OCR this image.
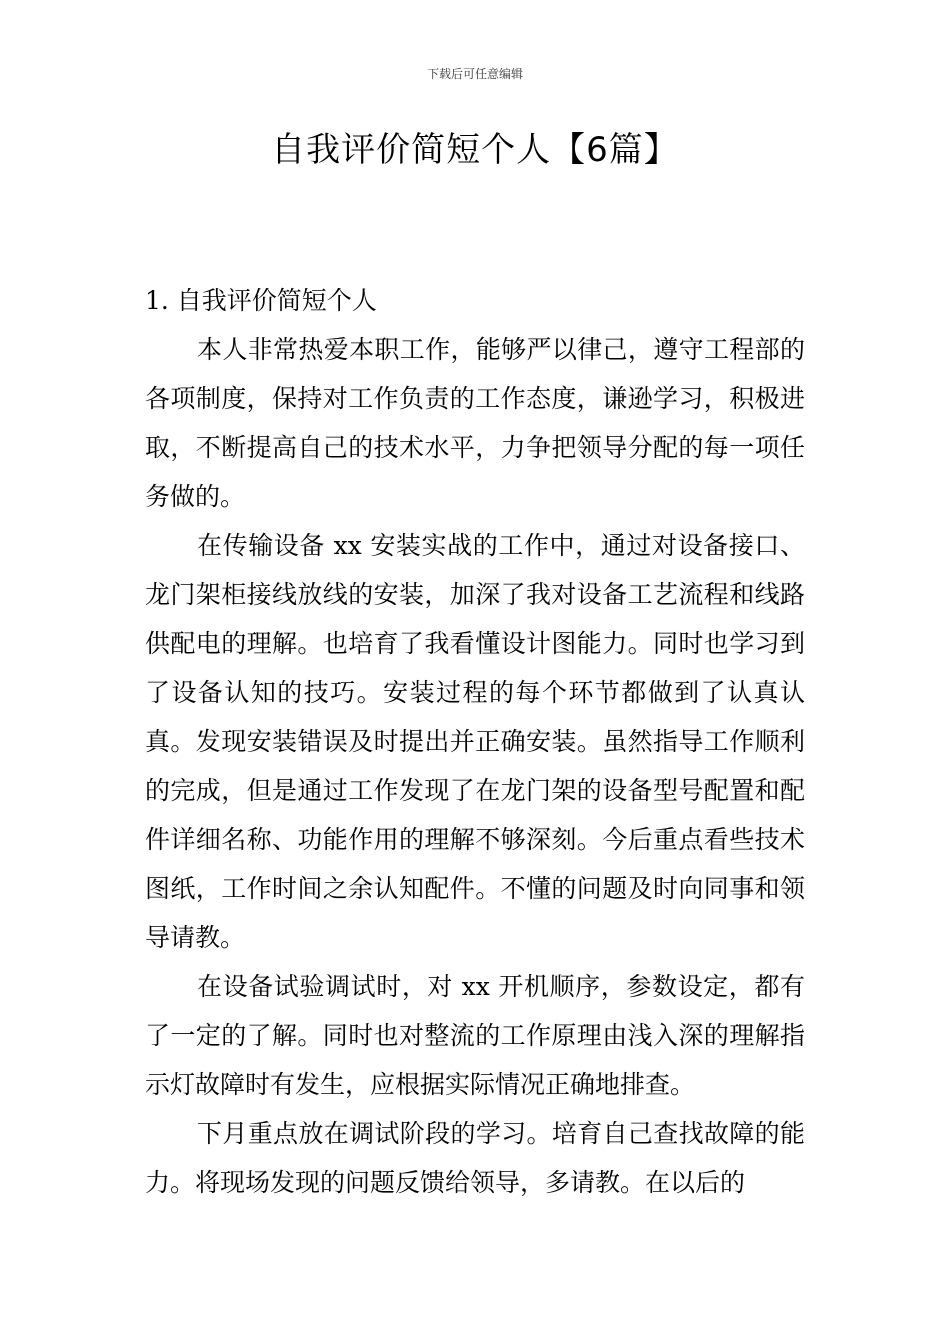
下载后可任意编辑
自我评价简短个人【6篇】

1. 自我评价简短个人

本人非常热爱本职工作，能够严以律己，遵守工程部的各项制度，保持对工作负责的工作态度，谦逊学习，积极进取，不断提高自己的技术水平，力争把领导分配的每一项任务做的。

在传输设备 xx 安装实战的工作中，通过对设备接口、龙门架柜接线放线的安装，加深了我对设备工艺流程和线路供配电的理解。也培育了我看懂设计图能力。同时也学习到了设备认知的技巧。安装过程的每个环节都做到了认真认真。发现安装错误及时提出并正确安装。虽然指导工作顺利的完成，但是通过工作发现了在龙门架的设备型号配置和配件详细名称、功能作用的理解不够深刻。今后重点看些技术图纸，工作时间之余认知配件。不懂的问题及时向同事和领导请教。

在设备试验调试时，对 xx 开机顺序，参数设定，都有了一定的了解。同时也对整流的工作原理由浅入深的理解指示灯故障时有发生，应根据实际情况正确地排查。

下月重点放在调试阶段的学习。培育自己查找故障的能力。将现场发现的问题反馈给领导，多请教。在以后的
